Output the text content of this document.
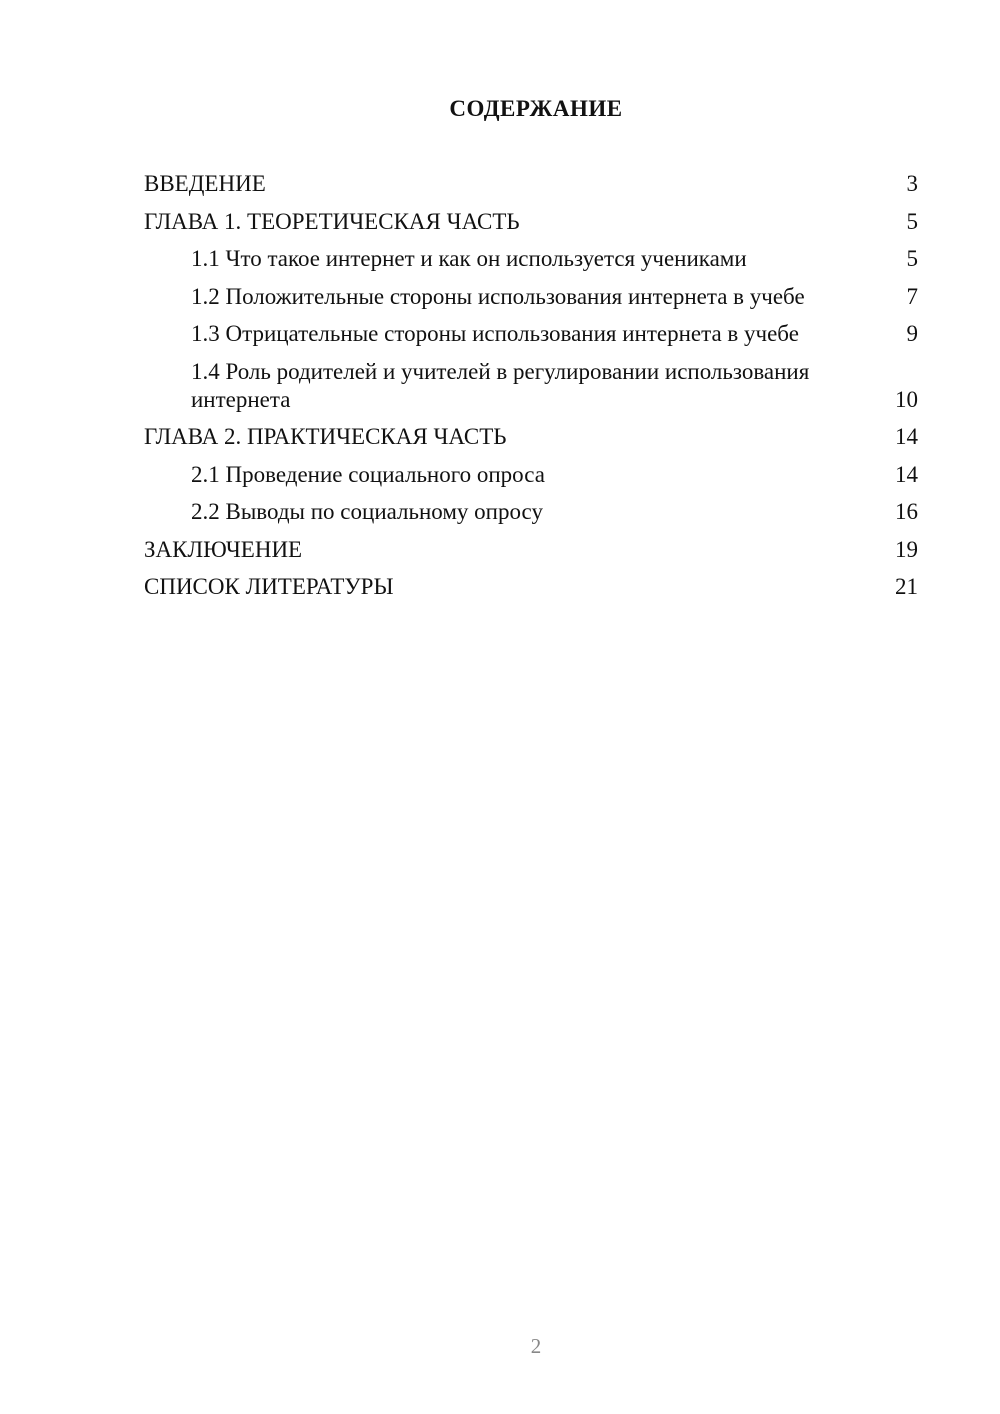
СОДЕРЖАНИЕ
ВВЕДЕНИЕ	3
ГЛАВА 1. ТЕОРЕТИЧЕСКАЯ ЧАСТЬ	5
1.1 Что такое интернет и как он используется учениками	5
1.2 Положительные стороны использования интернета в учебе	7
1.3 Отрицательные стороны использования интернета в учебе	9
1.4 Роль родителей и учителей в регулировании использования интернета	10
ГЛАВА 2. ПРАКТИЧЕСКАЯ ЧАСТЬ	14
2.1 Проведение социального опроса	14
2.2 Выводы по социальному опросу	16
ЗАКЛЮЧЕНИЕ	19
СПИСОК ЛИТЕРАТУРЫ	21
2
